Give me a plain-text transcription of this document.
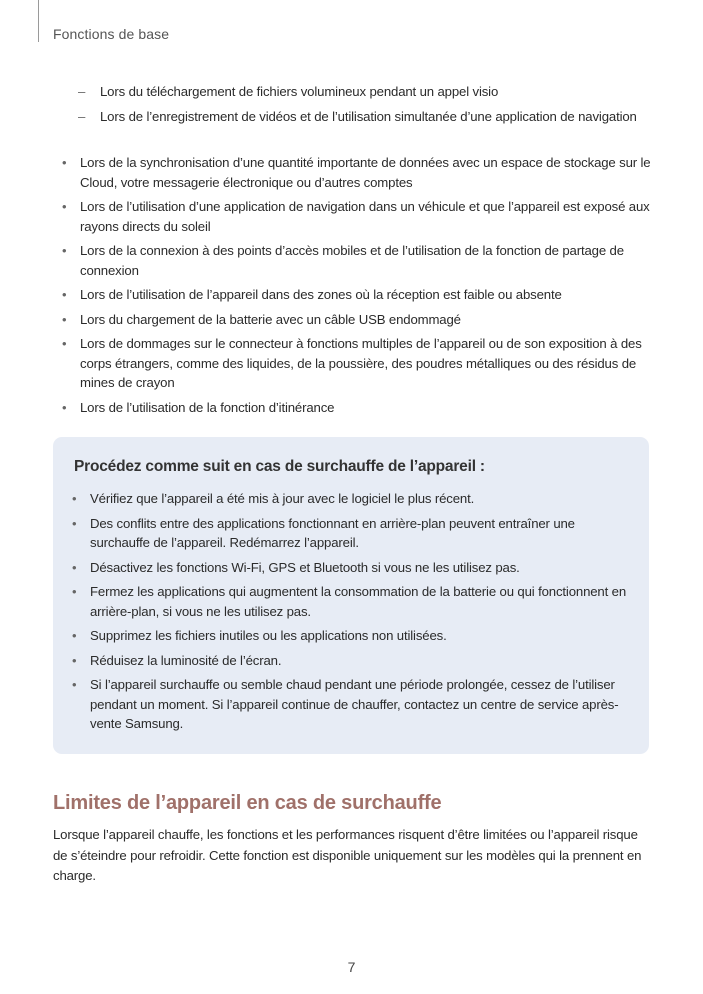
Fonctions de base
– Lors du téléchargement de fichiers volumineux pendant un appel visio
– Lors de l’enregistrement de vidéos et de l’utilisation simultanée d’une application de navigation
• Lors de la synchronisation d’une quantité importante de données avec un espace de stockage sur le Cloud, votre messagerie électronique ou d’autres comptes
• Lors de l’utilisation d’une application de navigation dans un véhicule et que l’appareil est exposé aux rayons directs du soleil
• Lors de la connexion à des points d’accès mobiles et de l’utilisation de la fonction de partage de connexion
• Lors de l’utilisation de l’appareil dans des zones où la réception est faible ou absente
• Lors du chargement de la batterie avec un câble USB endommagé
• Lors de dommages sur le connecteur à fonctions multiples de l’appareil ou de son exposition à des corps étrangers, comme des liquides, de la poussière, des poudres métalliques ou des résidus de mines de crayon
• Lors de l’utilisation de la fonction d’itinérance
Procédez comme suit en cas de surchauffe de l’appareil :
• Vérifiez que l’appareil a été mis à jour avec le logiciel le plus récent.
• Des conflits entre des applications fonctionnant en arrière-plan peuvent entraîner une surchauffe de l’appareil. Redémarrez l’appareil.
• Désactivez les fonctions Wi-Fi, GPS et Bluetooth si vous ne les utilisez pas.
• Fermez les applications qui augmentent la consommation de la batterie ou qui fonctionnent en arrière-plan, si vous ne les utilisez pas.
• Supprimez les fichiers inutiles ou les applications non utilisées.
• Réduisez la luminosité de l’écran.
• Si l’appareil surchauffe ou semble chaud pendant une période prolongée, cessez de l’utiliser pendant un moment. Si l’appareil continue de chauffer, contactez un centre de service après-vente Samsung.
Limites de l’appareil en cas de surchauffe

Lorsque l’appareil chauffe, les fonctions et les performances risquent d’être limitées ou l’appareil risque de s’éteindre pour refroidir. Cette fonction est disponible uniquement sur les modèles qui la prennent en charge.

7
